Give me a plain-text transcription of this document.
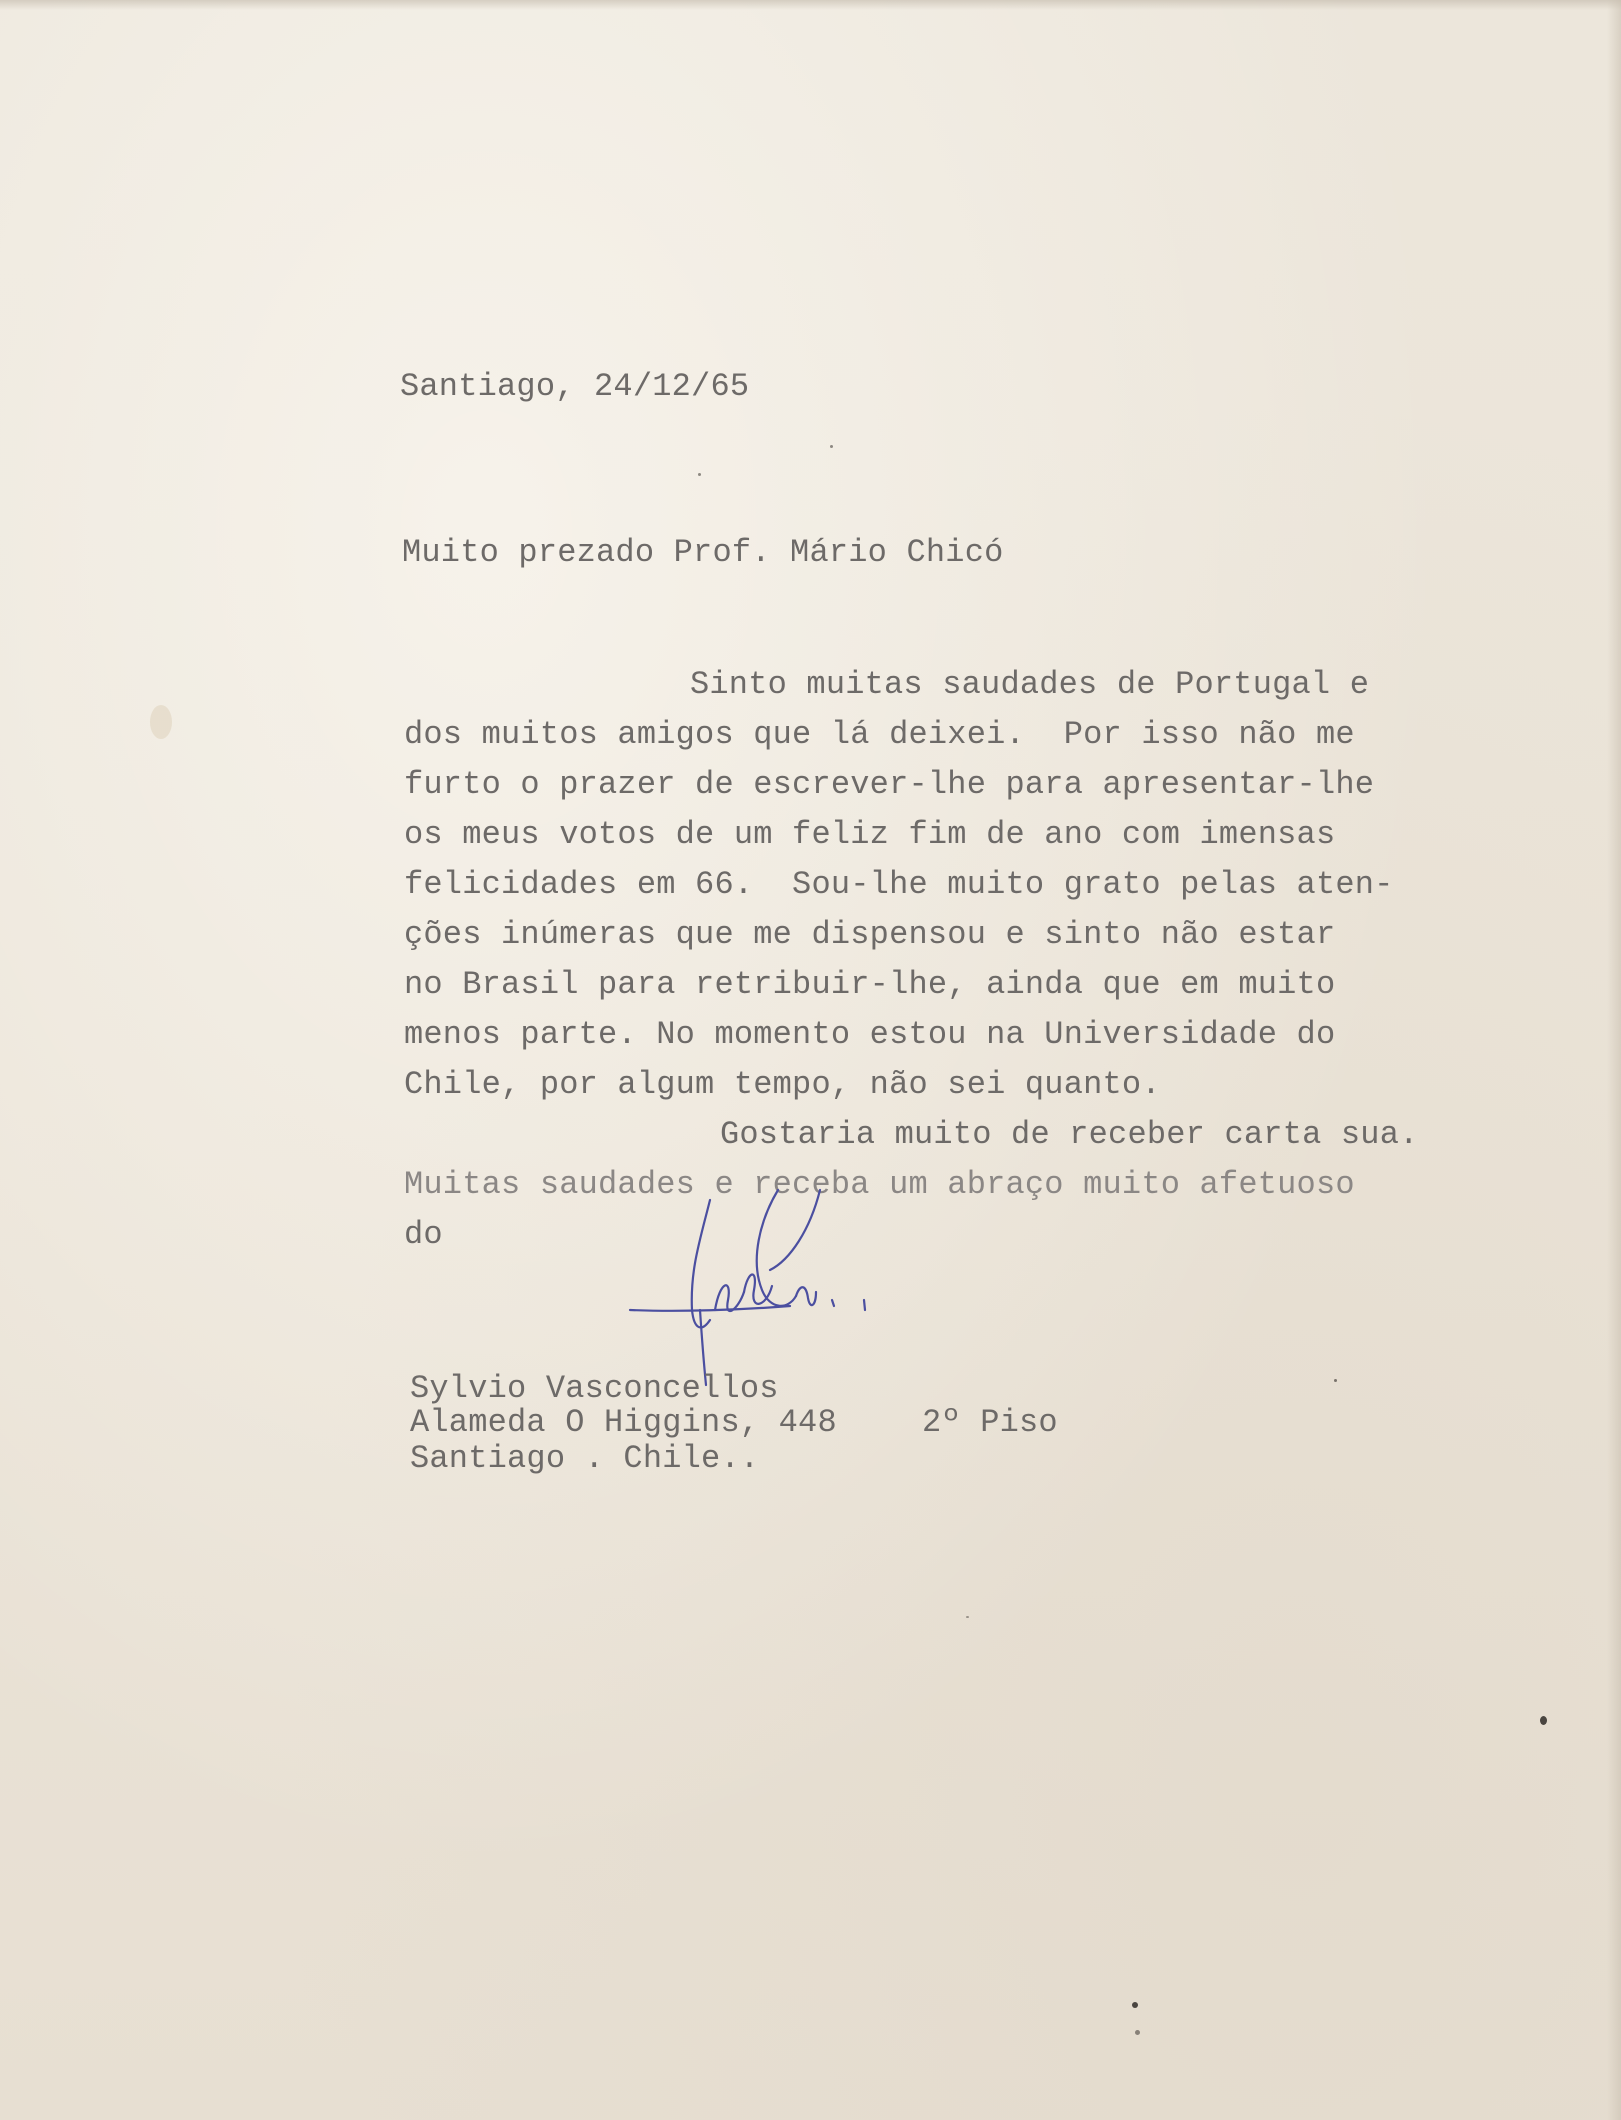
Santiago, 24/12/65
Muito prezado Prof. Mário Chicó
Sinto muitas saudades de Portugal e
dos muitos amigos que lá deixei.  Por isso não me
furto o prazer de escrever-lhe para apresentar-lhe
os meus votos de um feliz fim de ano com imensas
felicidades em 66.  Sou-lhe muito grato pelas aten-
ções inúmeras que me dispensou e sinto não estar
no Brasil para retribuir-lhe, ainda que em muito
menos parte. No momento estou na Universidade do
Chile, por algum tempo, não sei quanto.
Gostaria muito de receber carta sua.
Muitas saudades e receba um abraço muito afetuoso
do
Sylvio Vasconcellos
Alameda O Higgins, 448	2º Piso
Santiago . Chile..
